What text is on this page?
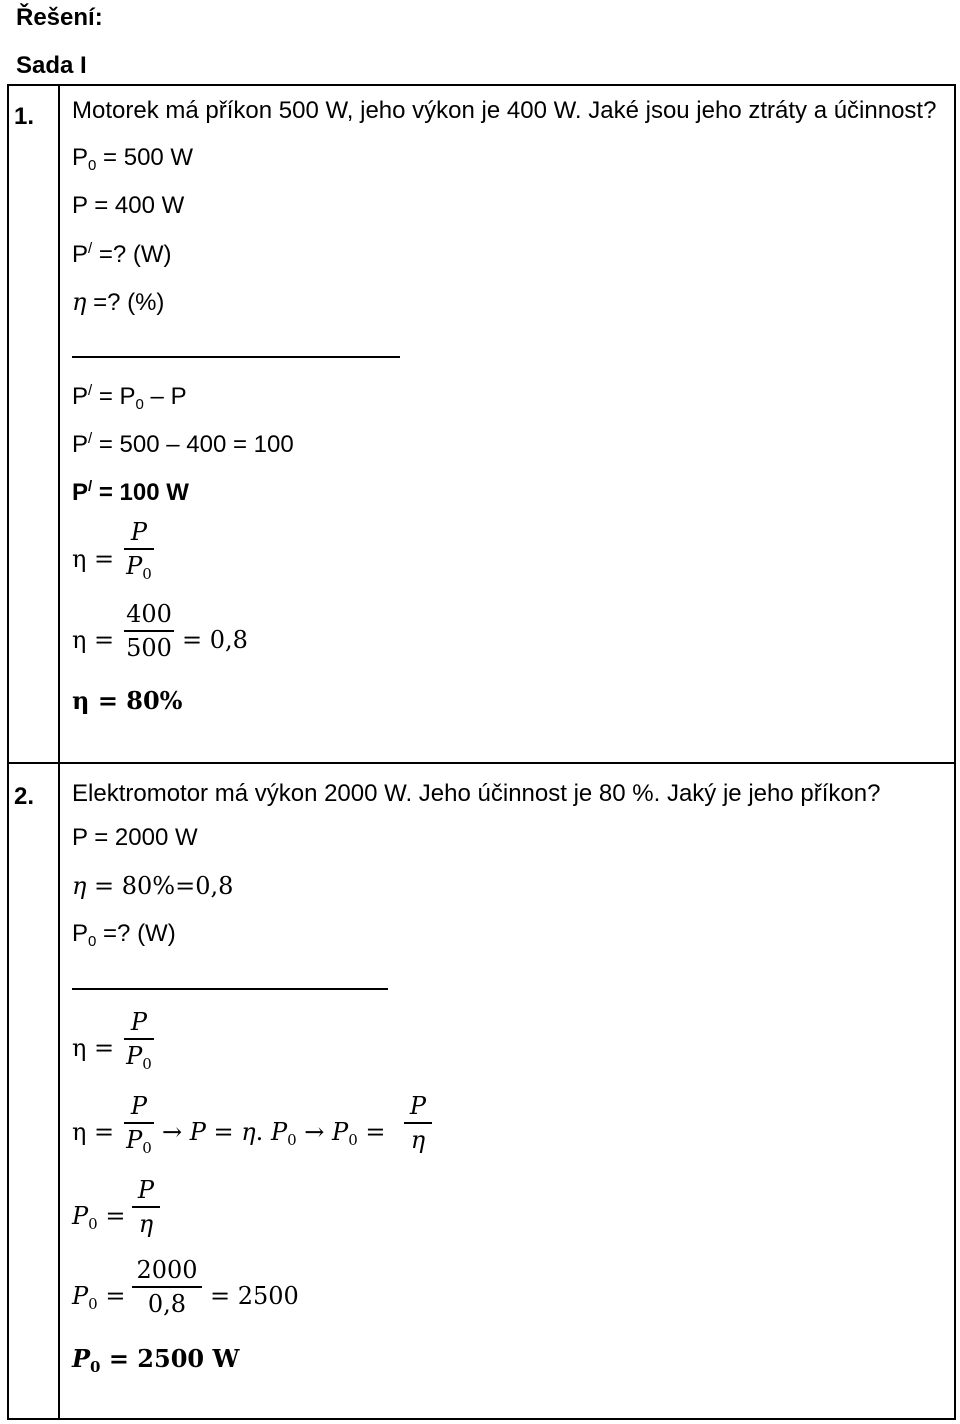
Řešení:
Sada I
1. Motorek má příkon 500 W, jeho výkon je 400 W. Jaké jsou jeho ztráty a účinnost?
$P_0 = 500$ W
P = 400 W
P/ =? (W)
η =? (%)
$P^/ = P_0$ ‒ P
P/ = 500 ‒ 400 = 100
P/ = 100 W
η =
P
$P_0$
η =
400
500 = 0,8
η = 80%
2. Elektromotor má výkon 2000 W. Jeho účinnost je 80 %. Jaký je jeho příkon?
P = 2000 W
η = 80%=0,8
$P_0$ =? (W)
η =
P
$P_0$
η =
P
$P_0$
→ P = η. $P_0 \to P_0$ =
P
η
$P_0$ =
P
η
$P_0$ =
2000
0,8 = 2500
$P_0 = 2500$ W
